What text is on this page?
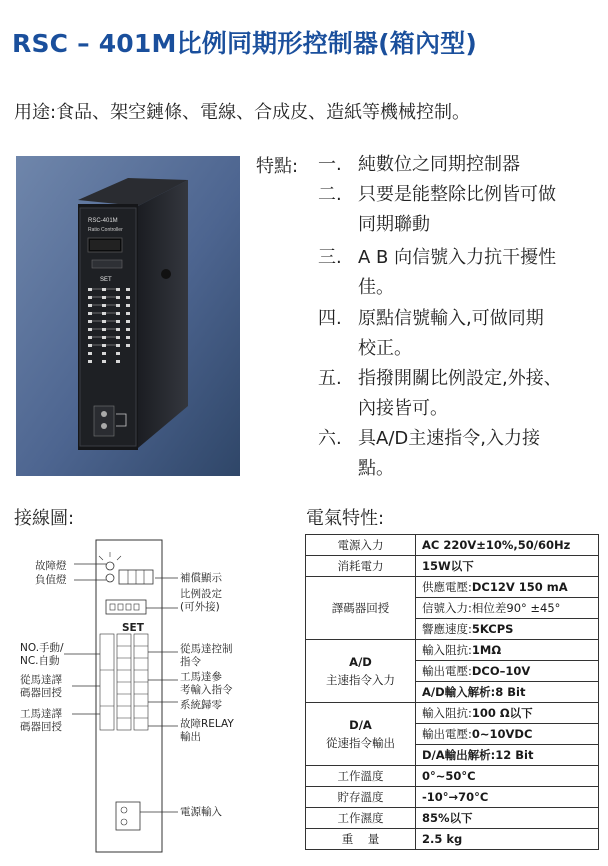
RSC – 401M比例同期形控制器(箱內型)
用途:食品、架空鏈條、電線、合成皮、造紙等機械控制。
RSC-401M
Ratio Controller
SET
特點: 一. 純數位之同期控制器
二. 只要是能整除比例皆可做
同期聯動
三. A B 向信號入力抗干擾性
佳。
四. 原點信號輸入,可做同期
校正。
五. 指撥開關比例設定,外接、
內接皆可。
六. 具A/D主速指令,入力接
點。
接線圖:	電氣特性:
故障燈
負值燈
NO.手動/
NC.自動
從馬達譯
碼器回授
工馬達譯
碼器回授
SET
補償顯示
比例設定
(可外接)
從馬達控制
指令
工馬達參
考輸入指令
系統歸零
故障RELAY
輸出
電源輸入
電源入力	AC 220V±10%,50/60Hz
消耗電力	15W以下
譯碼器回授	供應電壓:DC12V 150 mA
	信號入力:相位差90° ±45°
	響應速度:5KCPS

A/D
主速指令入力	輸入阻抗:1MΩ
	輸出電壓:DCO–10V
	A/D輸入解析:8 Bit

D/A
從速指令輸出	輸入阻抗:100 Ω以下
	輸出電壓:0~10VDC
	D/A輸出解析:12 Bit
工作溫度	0°~50°C
貯存溫度	-10°→70°C
工作濕度	85%以下
重    量	2.5 kg
